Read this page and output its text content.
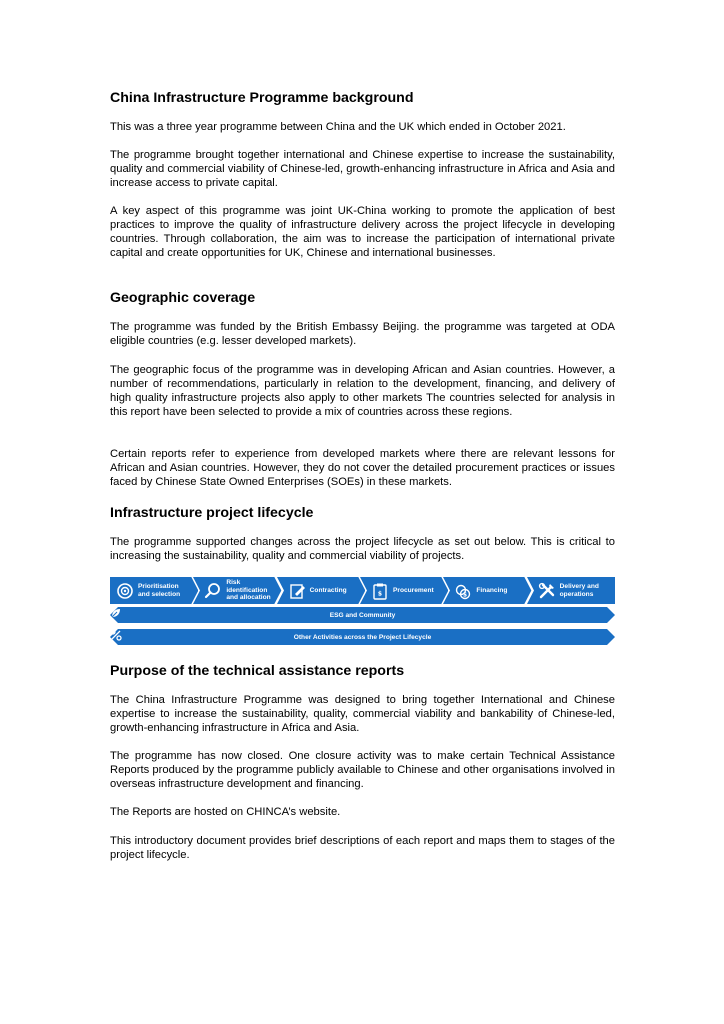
China Infrastructure Programme background

This was a three year programme between China and the UK which ended in October 2021.

The programme brought together international and Chinese expertise to increase the sustainability, quality and commercial viability of Chinese-led, growth-enhancing infrastructure in Africa and Asia and increase access to private capital.

A key aspect of this programme was joint UK-China working to promote the application of best practices to improve the quality of infrastructure delivery across the project lifecycle in developing countries. Through collaboration, the aim was to increase the participation of international private capital and create opportunities for UK, Chinese and international businesses.

Geographic coverage

The programme was funded by the British Embassy Beijing. the programme was targeted at ODA eligible countries (e.g. lesser developed markets).

The geographic focus of the programme was in developing African and Asian countries. However, a number of recommendations, particularly in relation to the development, financing, and delivery of high quality infrastructure projects also apply to other markets The countries selected for analysis in this report have been selected to provide a mix of countries across these regions.

Certain reports refer to experience from developed markets where there are relevant lessons for African and Asian countries. However, they do not cover the detailed procurement practices or issues faced by Chinese State Owned Enterprises (SOEs) in these markets.

Infrastructure project lifecycle

The programme supported changes across the project lifecycle as set out below. This is critical to increasing the sustainability, quality and commercial viability of projects.

Prioritisation
and selection
Risk identification
and allocation
Contracting	$ Procurement

$
Financing

Delivery and
operations
ESG and Community
Other Activities across the Project Lifecycle
Purpose of the technical assistance reports

The China Infrastructure Programme was designed to bring together International and Chinese expertise to increase the sustainability, quality, commercial viability and bankability of Chinese-led, growth-enhancing infrastructure in Africa and Asia.

The programme has now closed. One closure activity was to make certain Technical Assistance Reports produced by the programme publicly available to Chinese and other organisations involved in overseas infrastructure development and financing.

The Reports are hosted on CHINCA’s website.

This introductory document provides brief descriptions of each report and maps them to stages of the project lifecycle.
